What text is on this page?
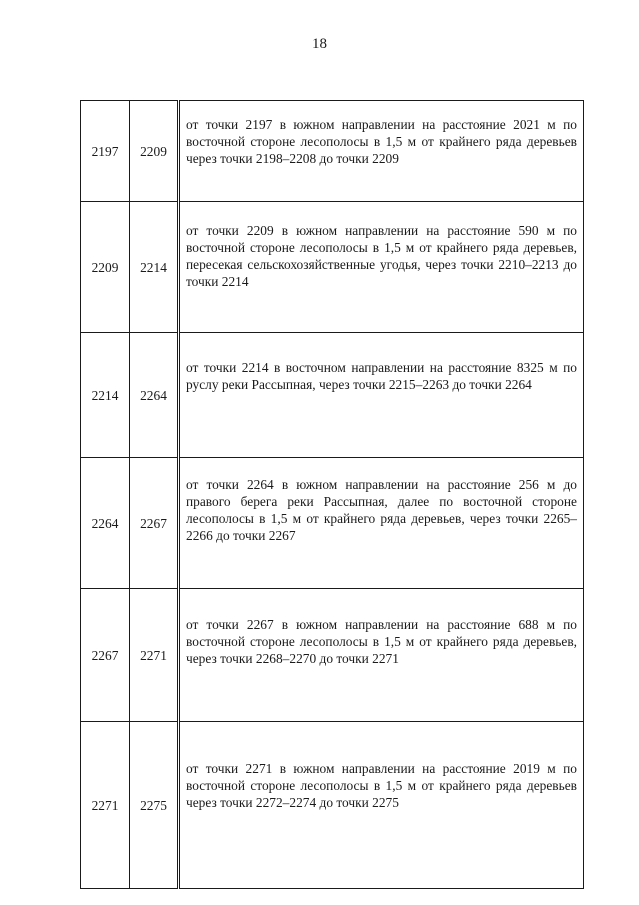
18
2197	2209	от точки 2197 в южном направлении на расстояние 2021 м по восточной стороне лесополосы в 1,5 м от крайнего ряда деревьев через точки 2198–2208 до точки 2209

2209	2214	от точки 2209 в южном направлении на расстояние 590 м по восточной стороне лесополосы в 1,5 м от крайнего ряда деревьев, пересекая сельскохозяйственные угодья, через точки 2210–2213 до точки 2214

2214	2264	от точки 2214 в восточном направлении на расстояние 8325 м по руслу реки Рассыпная, через точки 2215–2263 до точки 2264

2264	2267	от точки 2264 в южном направлении на расстояние 256 м до правого берега реки Рассыпная, далее по восточной стороне лесополосы в 1,5 м от крайнего ряда деревьев, через точки 2265–2266 до точки 2267

2267	2271	от точки 2267 в южном направлении на расстояние 688 м по восточной стороне лесополосы в 1,5 м от крайнего ряда деревьев, через точки 2268–2270 до точки 2271

2271	2275	от точки 2271 в южном направлении на расстояние 2019 м по восточной стороне лесополосы в 1,5 м от крайнего ряда деревьев через точки 2272–2274 до точки 2275
